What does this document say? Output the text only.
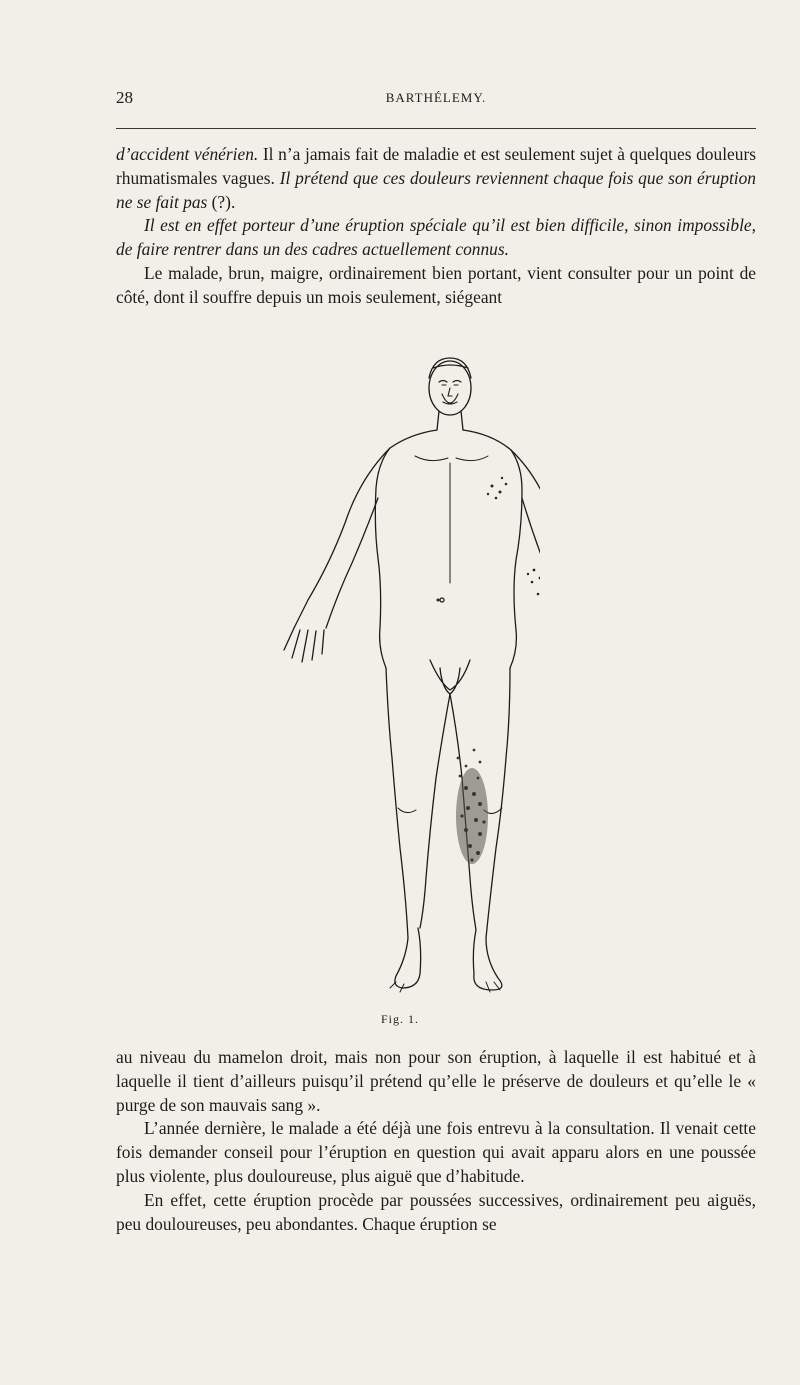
28	BARTHÉLEMY.

d’accident vénérien. Il n’a jamais fait de maladie et est seulement sujet à quelques douleurs rhumatismales vagues. Il prétend que ces douleurs reviennent chaque fois que son éruption ne se fait pas (?).

Il est en effet porteur d’une éruption spéciale qu’il est bien difficile, sinon impossible, de faire rentrer dans un des cadres actuellement connus.

Le malade, brun, maigre, ordinairement bien portant, vient consulter pour un point de côté, dont il souffre depuis un mois seulement, siégeant

Fig. 1.

au niveau du mamelon droit, mais non pour son éruption, à laquelle il est habitué et à laquelle il tient d’ailleurs puisqu’il prétend qu’elle le préserve de douleurs et qu’elle le « purge de son mauvais sang ».

L’année dernière, le malade a été déjà une fois entrevu à la consultation. Il venait cette fois demander conseil pour l’éruption en question qui avait apparu alors en une poussée plus violente, plus douloureuse, plus aiguë que d’habitude.

En effet, cette éruption procède par poussées successives, ordinairement peu aiguës, peu douloureuses, peu abondantes. Chaque éruption se
